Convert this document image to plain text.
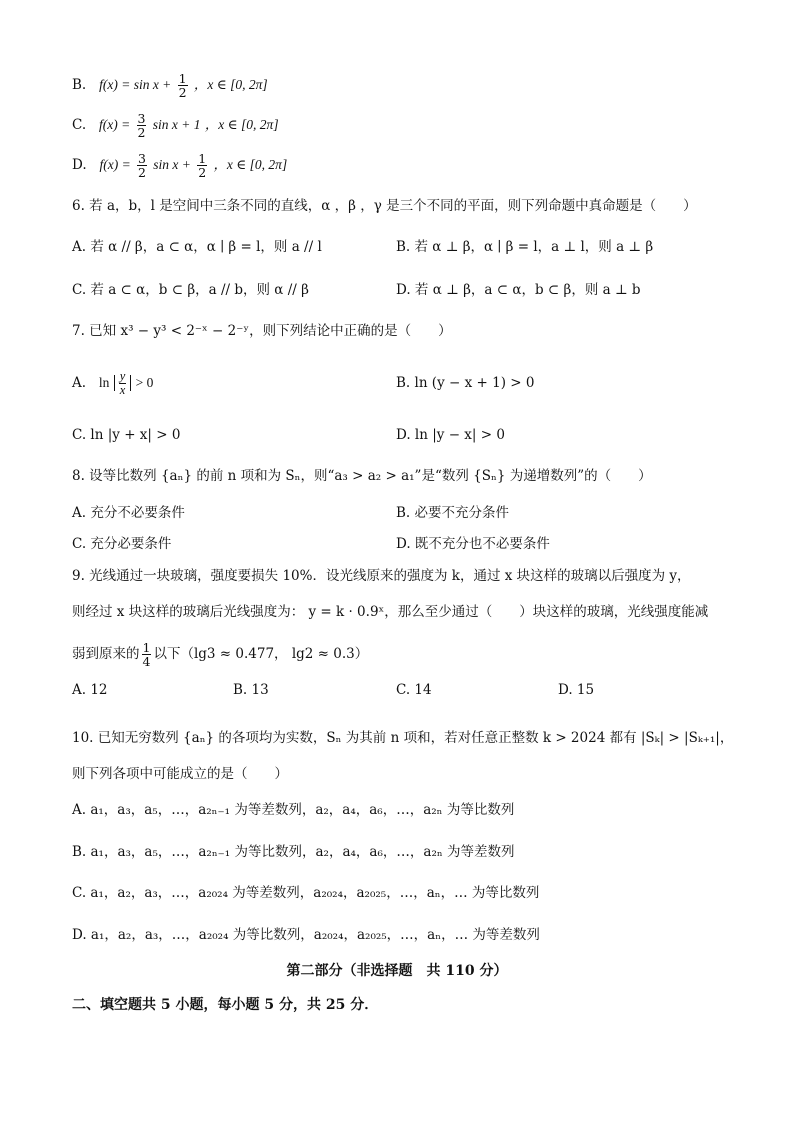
B. $f(x) = \sin x + \frac{1}{2}$ ，x ∈ [0, 2π]
C. $f(x) = \frac{3}{2}$ sin x + 1 ，x ∈ [0, 2π]
D. $f(x) = \frac{3}{2}$ $\sin x + \frac{1}{2}$ ，x ∈ [0, 2π]
6. 若 a，b，l 是空间中三条不同的直线，α ，β ，γ 是三个不同的平面，则下列命题中真命题是（　　）
A. 若 α // β，a ⊂ α，α ∣ β = l，则 a // l	B. 若 α ⊥ β，α ∣ β = l，a ⊥ l，则 a ⊥ β
C. 若 a ⊂ α，b ⊂ β，a // b，则 α // β	D. 若 α ⊥ β，a ⊂ α，b ⊂ β，则 a ⊥ b
7. 已知 x³ − y³ < 2⁻ˣ − 2⁻ʸ，则下列结论中正确的是（　　）
A. $\ln \frac{y}{x} > 0$	B. ln (y − x + 1) > 0
C. ln |y + x| > 0	D. ln |y − x| > 0
8. 设等比数列 {aₙ} 的前 n 项和为 Sₙ，则“a₃ > a₂ > a₁”是“数列 {Sₙ} 为递增数列”的（　　）
A. 充分不必要条件	B. 必要不充分条件
C. 充分必要条件	D. 既不充分也不必要条件
9. 光线通过一块玻璃，强度要损失 10%．设光线原来的强度为 k，通过 x 块这样的玻璃以后强度为 y，
则经过 x 块这样的玻璃后光线强度为： y = k · 0.9ˣ，那么至少通过（　　）块这样的玻璃，光线强度能减
弱到原来的 $\frac{1}{4}$ 以下（lg3 ≈ 0.477， lg2 ≈ 0.3）
A. 12	B. 13	C. 14	D. 15
10. 已知无穷数列 {aₙ} 的各项均为实数，Sₙ 为其前 n 项和，若对任意正整数 k > 2024 都有 |Sₖ| > |Sₖ₊₁|，
则下列各项中可能成立的是（　　）
A. a₁，a₃，a₅，…，a₂ₙ₋₁ 为等差数列，a₂，a₄，a₆，…，a₂ₙ 为等比数列
B. a₁，a₃，a₅，…，a₂ₙ₋₁ 为等比数列，a₂，a₄，a₆，…，a₂ₙ 为等差数列
C. a₁，a₂，a₃，…，a₂₀₂₄ 为等差数列，a₂₀₂₄，a₂₀₂₅，…，aₙ，… 为等比数列
D. a₁，a₂，a₃，…，a₂₀₂₄ 为等比数列，a₂₀₂₄，a₂₀₂₅，…，aₙ，… 为等差数列
第二部分（非选择题　共 110 分）
二、填空题共 5 小题，每小题 5 分，共 25 分．
